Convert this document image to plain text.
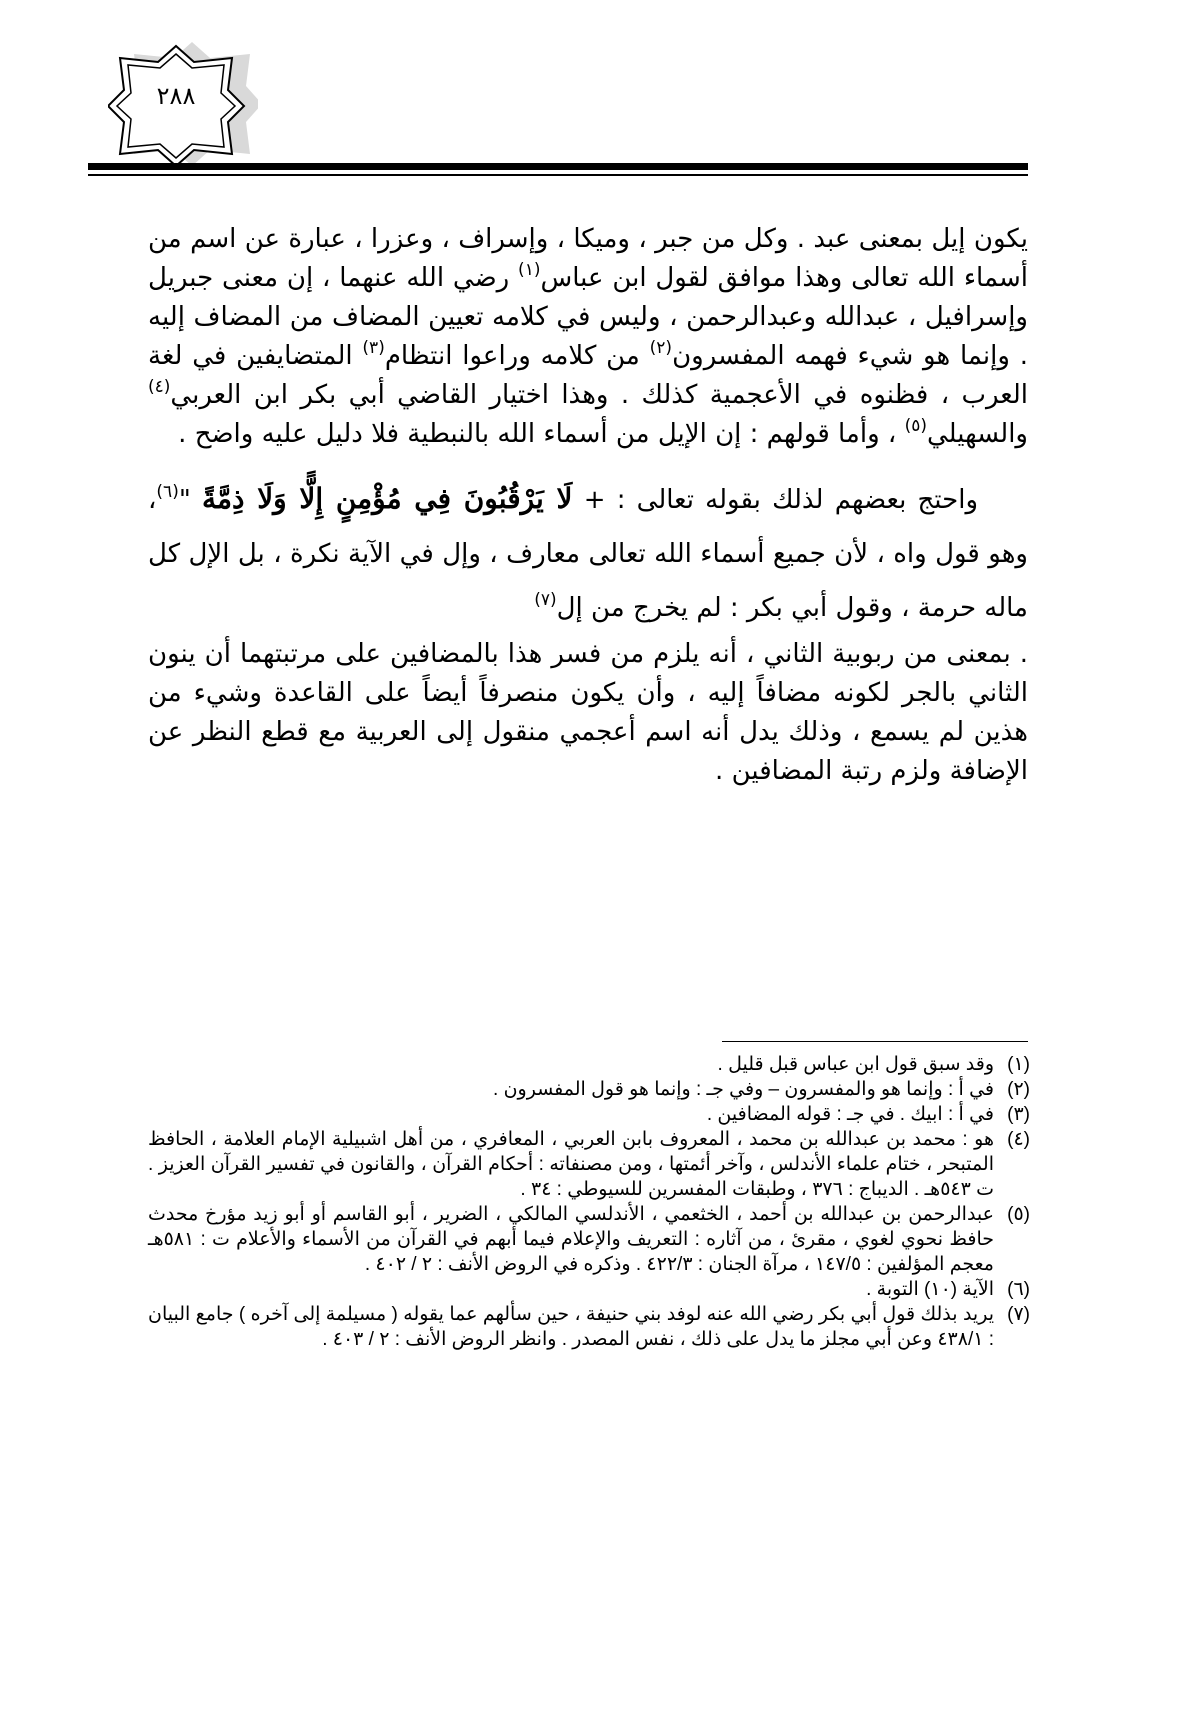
٢٨٨

يكون إيل بمعنى عبد . وكل من جبر ، وميكا ، وإسراف ، وعزرا ، عبارة عن اسم من أسماء الله تعالى وهذا موافق لقول ابن عباس$^{(١)}$ رضي الله عنهما ، إن معنى جبريل وإسرافيل ، عبدالله وعبدالرحمن ، وليس في كلامه تعيين المضاف من المضاف إليه . وإنما هو شيء فهمه المفسرون$^{(٢)}$ من كلامه وراعوا انتظام$^{(٣)}$ المتضايفين في لغة العرب ، فظنوه في الأعجمية كذلك . وهذا اختيار القاضي أبي بكر ابن العربي$^{(٤)}$ والسهيلي$^{(٥)}$ ، وأما قولهم : إن الإيل من أسماء الله بالنبطية فلا دليل عليه واضح .

واحتج بعضهم لذلك بقوله تعالى : + لَا يَرْقُبُونَ فِي مُؤْمِنٍ إِلًّا وَلَا ذِمَّةً "$^{(٦)}$، وهو قول واه ، لأن جميع أسماء الله تعالى معارف ، وإل في الآية نكرة ، بل الإل كل ماله حرمة ، وقول أبي بكر : لم يخرج من إل$^{(٧)}$

. بمعنى من ربوبية الثاني ، أنه يلزم من فسر هذا بالمضافين على مرتبتهما أن ينون الثاني بالجر لكونه مضافاً إليه ، وأن يكون منصرفاً أيضاً على القاعدة وشيء من هذين لم يسمع ، وذلك يدل أنه اسم أعجمي منقول إلى العربية مع قطع النظر عن الإضافة ولزم رتبة المضافين .

(١)
وقد سبق قول ابن عباس قبل قليل .
(٢)
في أ : وإنما هو والمفسرون – وفي جـ : وإنما هو قول المفسرون .
(٣)
في أ : ابيك . في جـ : قوله المضافين .
(٤)
هو : محمد بن عبدالله بن محمد ، المعروف بابن العربي ، المعافري ، من أهل اشبيلية الإمام العلامة ، الحافظ المتبحر ، ختام علماء الأندلس ، وآخر أئمتها ، ومن مصنفاته : أحكام القرآن ، والقانون في تفسير القرآن العزيز . ت ٥٤٣هـ . الديباج : ٣٧٦ ، وطبقات المفسرين للسيوطي : ٣٤ .
(٥)
عبدالرحمن بن عبدالله بن أحمد ، الخثعمي ، الأندلسي المالكي ، الضرير ، أبو القاسم أو أبو زيد مؤرخ محدث حافظ نحوي لغوي ، مقرئ ، من آثاره : التعريف والإعلام فيما أبهم في القرآن من الأسماء والأعلام ت : ٥٨١هـ معجم المؤلفين : ١٤٧/٥ ، مرآة الجنان : ٤٢٢/٣ . وذكره في الروض الأنف : ٢ / ٤٠٢ .
(٦)
الآية (١٠) التوبة .
(٧)
يريد بذلك قول أبي بكر رضي الله عنه لوفد بني حنيفة ، حين سألهم عما يقوله ( مسيلمة إلى آخره ) جامع البيان : ٤٣٨/١ وعن أبي مجلز ما يدل على ذلك ، نفس المصدر . وانظر الروض الأنف : ٢ / ٤٠٣ .
